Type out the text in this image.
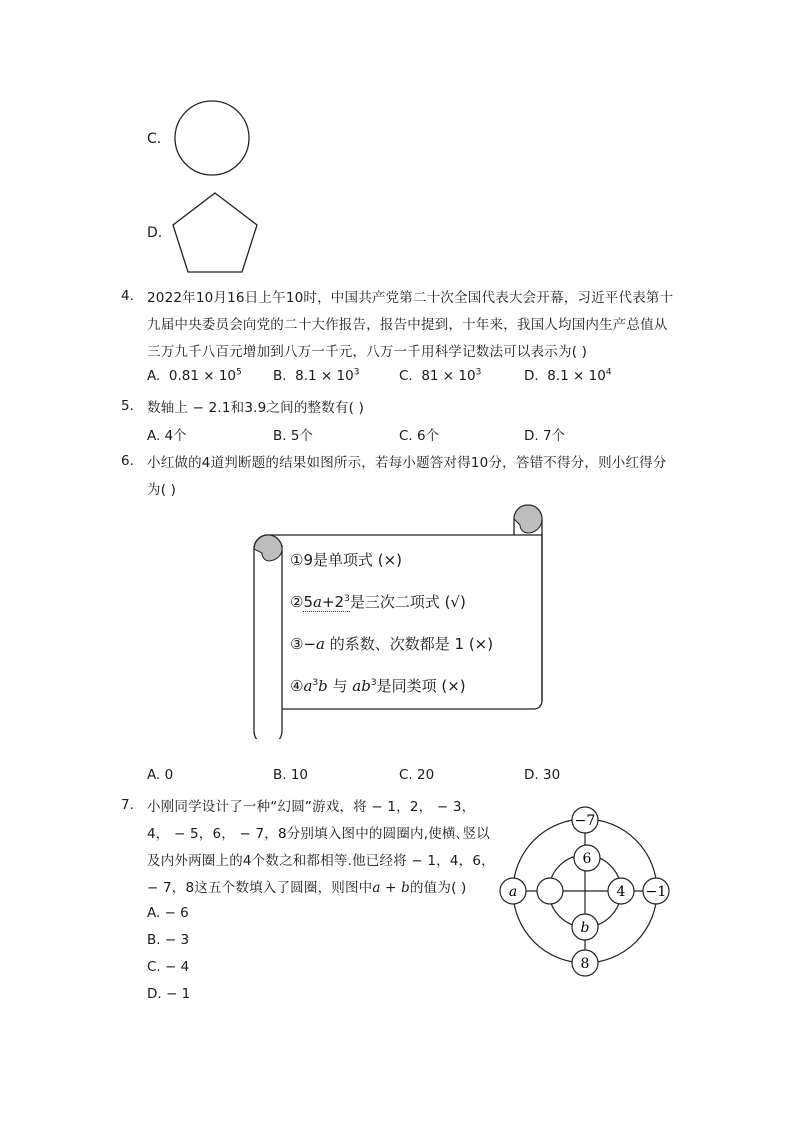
C.
D.
4. 2022年10月16日上午10时，中国共产党第二十次全国代表大会开幕，习近平代表第十
九届中央委员会向党的二十大作报告，报告中提到，十年来，我国人均国内生产总值从
三万九千八百元增加到八万一千元，八万一千用科学记数法可以表示为( )
A. $0.81 \times 10^5$ B. $8.1 \times 10^3$	C. $81 \times 10^3$	D. $8.1 \times 10^4$
5. 数轴上 − 2.1和3.9之间的整数有( )
A. 4个	B. 5个	C. 6个	D. 7个
6. 小红做的4道判断题的结果如图所示，若每小题答对得10分，答错不得分，则小红得分
为( )
①9是单项式 (×)
$②5a+2^3$是三次二项式 (√)
③−a 的系数、次数都是 1 (×)
$④a^3b$ 与 $ab^3$是同类项 (×)
A. 0	B. 10	C. 20	D. 30
7. 小刚同学设计了一种“幻圆”游戏，将 − 1，2， − 3，
4， − 5，6， − 7，8分别填入图中的圆圈内,使横､竖以
及内外两圈上的4个数之和都相等.他已经将 − 1，4，6，
− 7，8这五个数填入了圆圈，则图中a + b的值为( )
A. − 6
B. − 3
C. − 4
D. − 1
−7
−1
8
a
6
4
b
